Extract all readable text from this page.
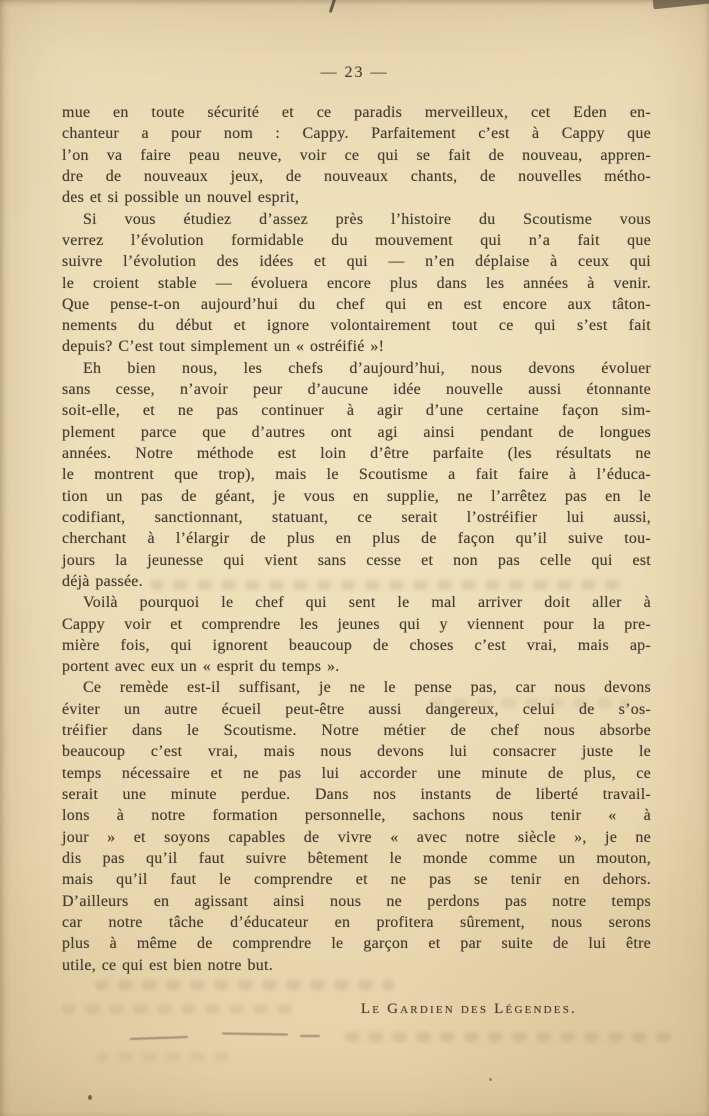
— 23 —
mue en toute sécurité et ce paradis merveilleux, cet Eden en-
chanteur a pour nom : Cappy. Parfaitement c’est à Cappy que
l’on va faire peau neuve, voir ce qui se fait de nouveau, appren-
dre de nouveaux jeux, de nouveaux chants, de nouvelles métho-
des et si possible un nouvel esprit,
Si vous étudiez d’assez près l’histoire du Scoutisme vous
verrez l’évolution formidable du mouvement qui n’a fait que
suivre l’évolution des idées et qui — n’en déplaise à ceux qui
le croient stable — évoluera encore plus dans les années à venir.
Que pense-t-on aujourd’hui du chef qui en est encore aux tâton-
nements du début et ignore volontairement tout ce qui s’est fait
depuis? C’est tout simplement un « ostréifié »!
Eh bien nous, les chefs d’aujourd’hui, nous devons évoluer
sans cesse, n’avoir peur d’aucune idée nouvelle aussi étonnante
soit-elle, et ne pas continuer à agir d’une certaine façon sim-
plement parce que d’autres ont agi ainsi pendant de longues
années. Notre méthode est loin d’être parfaite (les résultats ne
le montrent que trop), mais le Scoutisme a fait faire à l’éduca-
tion un pas de géant, je vous en supplie, ne l’arrêtez pas en le
codifiant, sanctionnant, statuant, ce serait l’ostréifier lui aussi,
cherchant à l’élargir de plus en plus de façon qu’il suive tou-
jours la jeunesse qui vient sans cesse et non pas celle qui est
déjà passée.
Voilà pourquoi le chef qui sent le mal arriver doit aller à
Cappy voir et comprendre les jeunes qui y viennent pour la pre-
mière fois, qui ignorent beaucoup de choses c’est vrai, mais ap-
portent avec eux un « esprit du temps ».
Ce remède est-il suffisant, je ne le pense pas, car nous devons
éviter un autre écueil peut-être aussi dangereux, celui de s’os-
tréifier dans le Scoutisme. Notre métier de chef nous absorbe
beaucoup c’est vrai, mais nous devons lui consacrer juste le
temps nécessaire et ne pas lui accorder une minute de plus, ce
serait une minute perdue. Dans nos instants de liberté travail-
lons à notre formation personnelle, sachons nous tenir « à
jour » et soyons capables de vivre « avec notre siècle », je ne
dis pas qu’il faut suivre bêtement le monde comme un mouton,
mais qu’il faut le comprendre et ne pas se tenir en dehors.
D’ailleurs en agissant ainsi nous ne perdons pas notre temps
car notre tâche d’éducateur en profitera sûrement, nous serons
plus à même de comprendre le garçon et par suite de lui être
utile, ce qui est bien notre but.
Le Gardien des Légendes.
